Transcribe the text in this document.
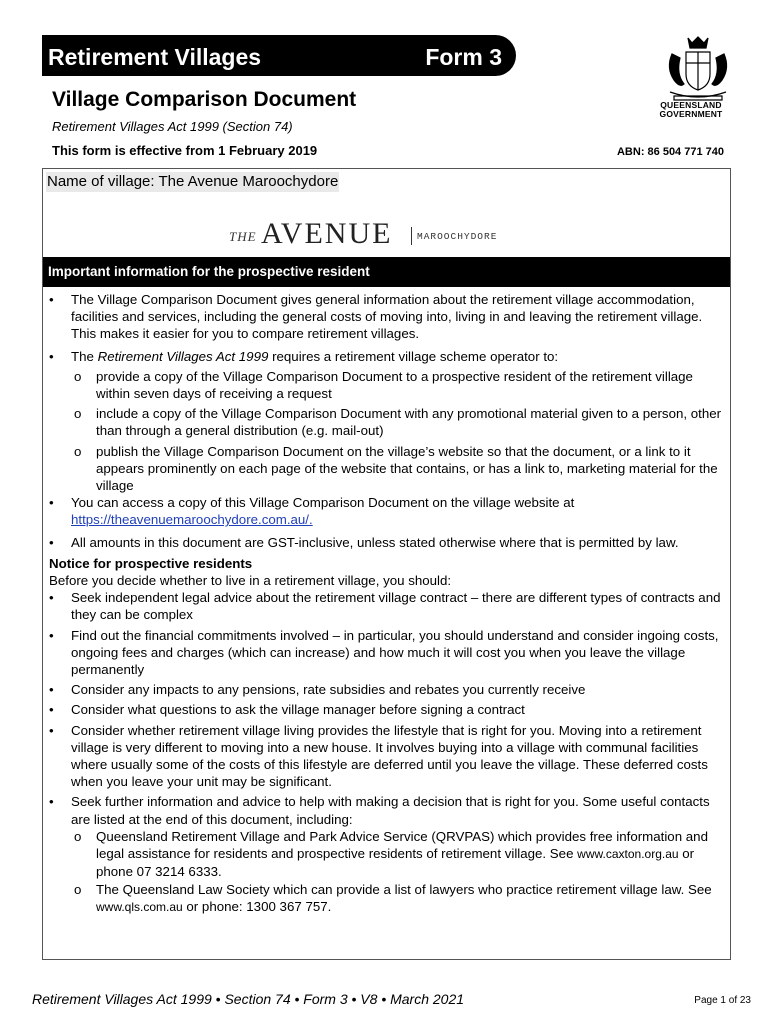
Retirement Villages	Form 3
QUEENSLAND
GOVERNMENT
Village Comparison Document
Retirement Villages Act 1999 (Section 74)
This form is effective from 1 February 2019	ABN: 86 504 771 740
Name of village: The Avenue Maroochydore
THE AVENUE	MAROOCHYDORE
Important information for the prospective resident
• The Village Comparison Document gives general information about the retirement village accommodation, facilities and services, including the general costs of moving into, living in and leaving the retirement village. This makes it easier for you to compare retirement villages.
• The Retirement Villages Act 1999 requires a retirement village scheme operator to:
o provide a copy of the Village Comparison Document to a prospective resident of the retirement village within seven days of receiving a request
o include a copy of the Village Comparison Document with any promotional material given to a person, other than through a general distribution (e.g. mail-out)
o publish the Village Comparison Document on the village’s website so that the document, or a link to it appears prominently on each page of the website that contains, or has a link to, marketing material for the village
• You can access a copy of this Village Comparison Document on the village website at
https://theavenuemaroochydore.com.au/.
• All amounts in this document are GST-inclusive, unless stated otherwise where that is permitted by law.
Notice for prospective residents
Before you decide whether to live in a retirement village, you should:
• Seek independent legal advice about the retirement village contract – there are different types of contracts and they can be complex
• Find out the financial commitments involved – in particular, you should understand and consider ingoing costs, ongoing fees and charges (which can increase) and how much it will cost you when you leave the village permanently
• Consider any impacts to any pensions, rate subsidies and rebates you currently receive
• Consider what questions to ask the village manager before signing a contract
• Consider whether retirement village living provides the lifestyle that is right for you. Moving into a retirement village is very different to moving into a new house. It involves buying into a village with communal facilities where usually some of the costs of this lifestyle are deferred until you leave the village. These deferred costs when you leave your unit may be significant.
• Seek further information and advice to help with making a decision that is right for you. Some useful contacts are listed at the end of this document, including:
o Queensland Retirement Village and Park Advice Service (QRVPAS) which provides free information and legal assistance for residents and prospective residents of retirement village. See www.caxton.org.au or phone 07 3214 6333.
o The Queensland Law Society which can provide a list of lawyers who practice retirement village law. See www.qls.com.au or phone: 1300 367 757.
Retirement Villages Act 1999 • Section 74 • Form 3 • V8 • March 2021	Page 1 of 23
